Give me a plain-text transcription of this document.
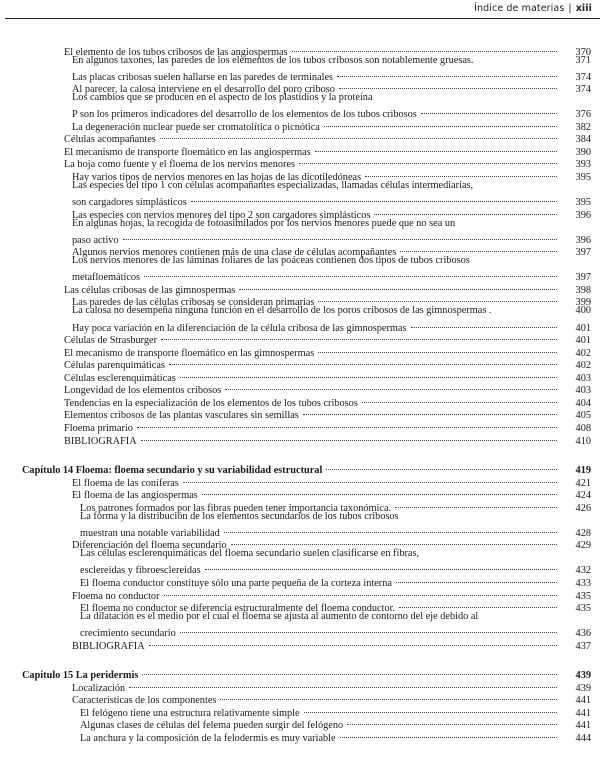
Índice de materias | xiii
El elemento de los tubos cribosos de las angiospermas	370
En algunos taxones, las paredes de los elementos de los tubos cribosos son notablemente gruesas.	371
Las placas cribosas suelen hallarse en las paredes de terminales	374
Al parecer, la calosa interviene en el desarrollo del poro criboso	374
Los cambios que se producen en el aspecto de los plastidios y la proteína
P son los primeros indicadores del desarrollo de los elementos de los tubos cribosos	376
La degeneración nuclear puede ser cromatolítica o picnótica	382
Células acompañantes	384
El mecanismo de transporte floemático en las angiospermas	390
La hoja como fuente y el floema de los nervios menores	393
Hay varios tipos de nervios menores en las hojas de las dicotiledóneas	395
Las especies del tipo 1 con células acompañantes especializadas, llamadas células intermediarias,
son cargadores simplásticos	395
Las especies con nervios menores del tipo 2 son cargadores simplásticos	396
En algunas hojas, la recogida de fotoasimilados por los nervios menores puede que no sea un
paso activo	396
Algunos nervios menores contienen más de una clase de células acompañantes	397
Los nervios menores de las láminas foliares de las poáceas contienen dos tipos de tubos cribosos
metafloemáticos	397
Las células cribosas de las gimnospermas	398
Las paredes de las células cribosas se consideran primarias	399
La calosa no desempeña ninguna función en el desarrollo de los poros cribosos de las gimnospermas .	400
Hay poca variación en la diferenciación de la célula cribosa de las gimnospermas	401
Células de Strasburger	401
El mecanismo de transporte floemático en las gimnospermas	402
Células parenquimáticas	402
Células esclerenquimáticas	403
Longevidad de los elementos cribosos	403
Tendencias en la especialización de los elementos de los tubos cribosos	404
Elementos cribosos de las plantas vasculares sin semillas	405
Floema primario	408
BIBLIOGRAFÍA	410
Capítulo 14 Floema: floema secundario y su variabilidad estructural	419
El floema de las coníferas	421
El floema de las angiospermas	424
Los patrones formados por las fibras pueden tener importancia taxonómica.	426
La forma y la distribución de los elementos secundarios de los tubos cribosos
muestran una notable variabilidad	428
Diferenciación del floema secundario	429
Las células esclerenquimáticas del floema secundario suelen clasificarse en fibras,
esclereidas y fibroesclereidas	432
El floema conductor constituye sólo una parte pequeña de la corteza interna	433
Floema no conductor	435
El floema no conductor se diferencia estructuralmente del floema conductor.	435
La dilatación es el medio por el cual el floema se ajusta al aumento de contorno del eje debido al
crecimiento secundario	436
BIBLIOGRAFÍA	437
Capítulo 15 La peridermis	439
Localización	439
Características de los componentes	441
El felógeno tiene una estructura relativamente simple	441
Algunas clases de células del felema pueden surgir del felógeno	441
La anchura y la composición de la felodermis es muy variable	444
